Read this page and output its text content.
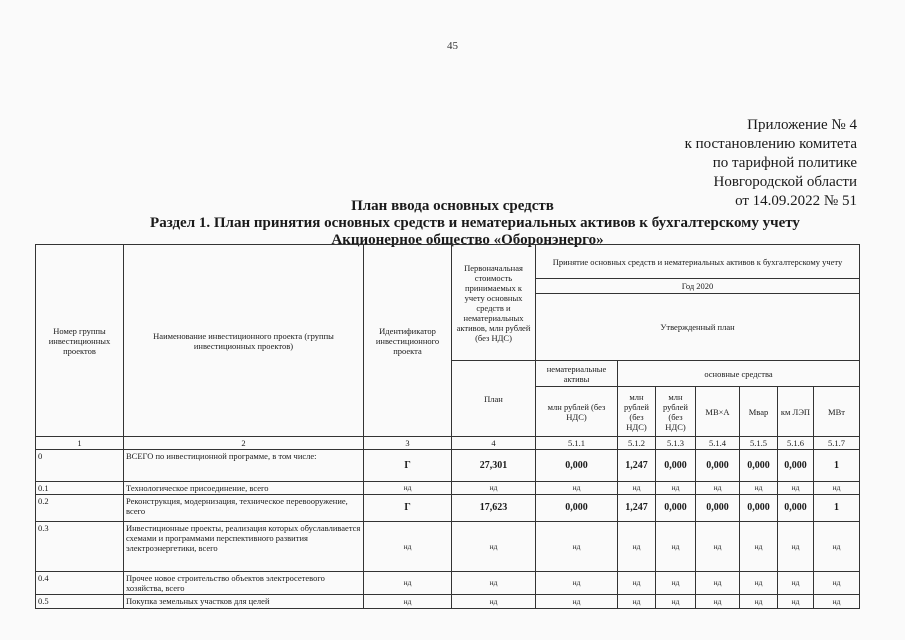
45
Приложение № 4
к постановлению комитета
по тарифной политике
Новгородской области
от 14.09.2022 № 51
План ввода основных средств
Раздел 1. План принятия основных средств и нематериальных активов к бухгалтерскому учету
Акционерное общество «Оборонэнерго»
Номер группы инвестиционных проектов	Наименование инвестиционного проекта (группы инвестиционных проектов)	Идентификатор инвестиционного проекта	Первоначальная стоимость принимаемых к учету основных средств и нематериальных активов, млн рублей (без НДС)	Принятие основных средств и нематериальных активов к бухгалтерскому учету						
				Год 2020						
				Утвержденный план						
			План	нематериальные активы	основные средства					
				млн рублей (без НДС)	млн рублей (без НДС)	млн рублей (без НДС)	МВ×А	Мвар	км ЛЭП	МВт
1	2	3	4	5.1.1	5.1.2	5.1.3	5.1.4	5.1.5	5.1.6	5.1.7
0	ВСЕГО по инвестиционной программе, в том числе:	Г	27,301	0,000	1,247	0,000	0,000	0,000	0,000	1
0.1	Технологическое присоединение, всего	нд	нд	нд	нд	нд	нд	нд	нд	нд
0.2	Реконструкция, модернизация, техническое перевооружение, всего	Г	17,623	0,000	1,247	0,000	0,000	0,000	0,000	1
0.3	Инвестиционные проекты, реализация которых обуславливается схемами и программами перспективного развития электроэнергетики, всего	нд	нд	нд	нд	нд	нд	нд	нд	нд
0.4	Прочее новое строительство объектов электросетевого хозяйства, всего	нд	нд	нд	нд	нд	нд	нд	нд	нд
0.5	Покупка земельных участков для целей	нд	нд	нд	нд	нд	нд	нд	нд	нд
